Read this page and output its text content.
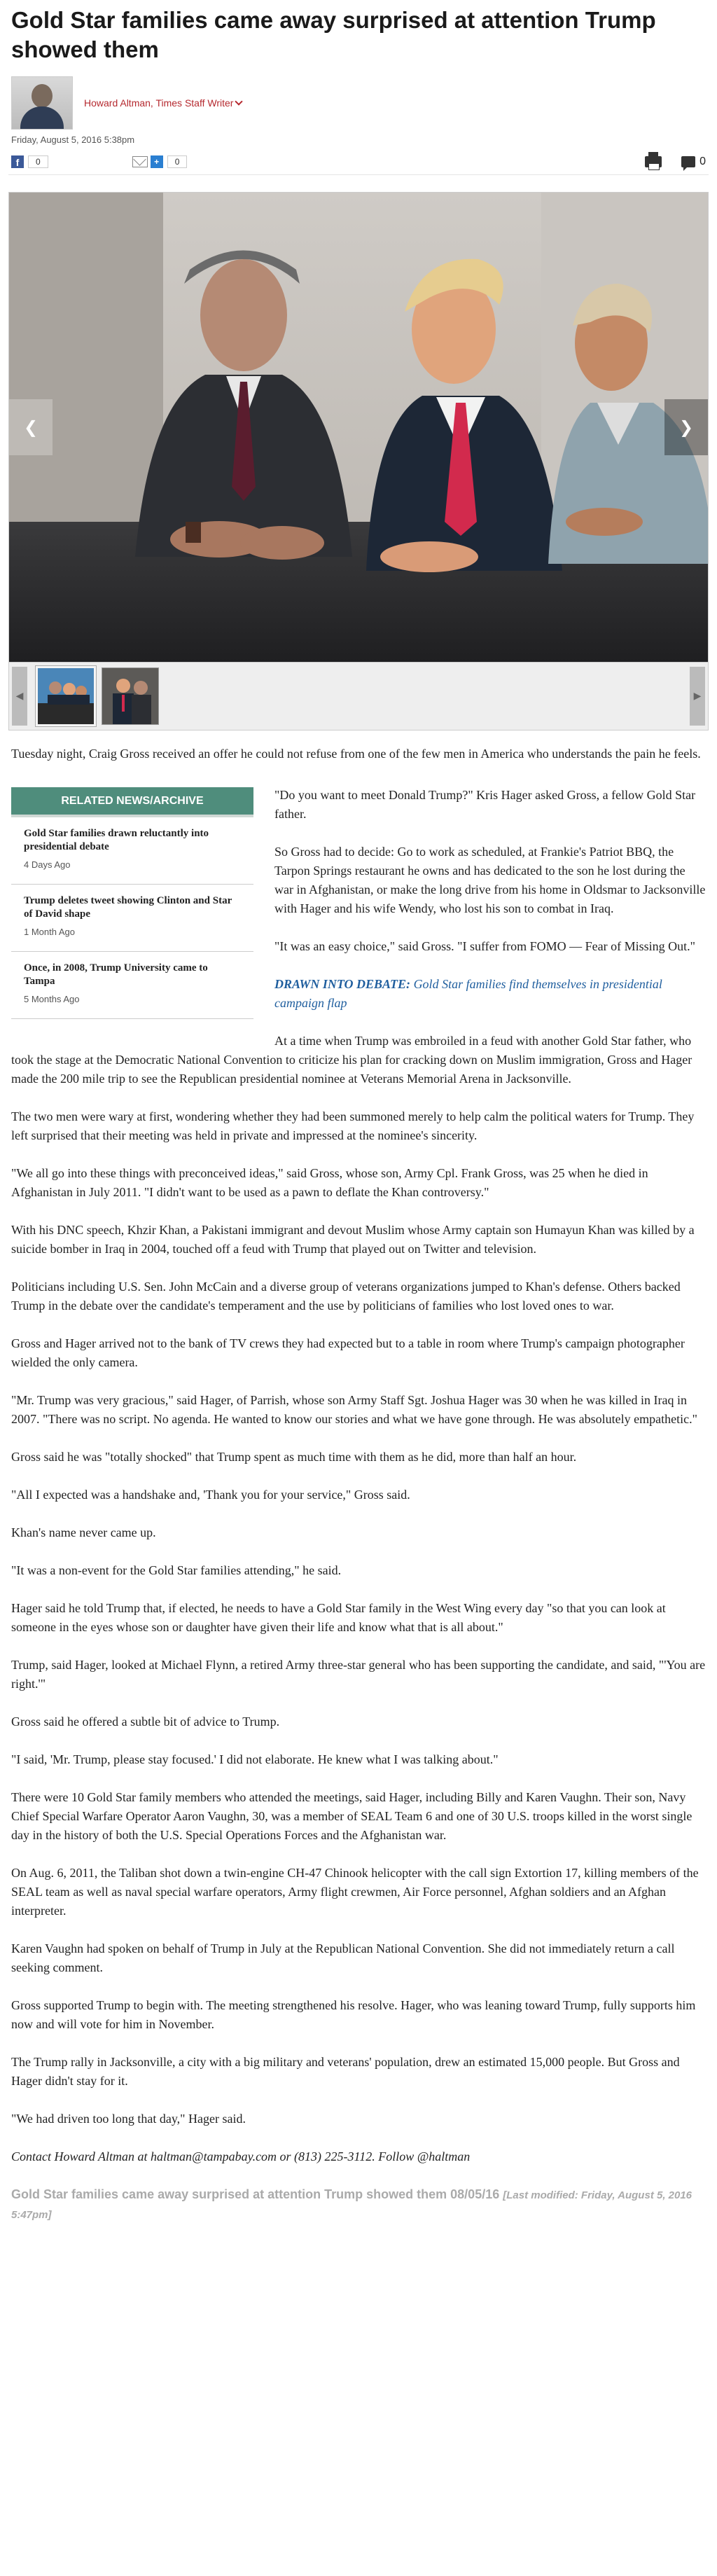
Gold Star families came away surprised at attention Trump showed them
Howard Altman, Times Staff Writer
Friday, August 5, 2016 5:38pm
f	0	+	0	0
❮	❯
◀	▶

Tuesday night, Craig Gross received an offer he could not refuse from one of the few men in America who understands the pain he feels.

RELATED NEWS/ARCHIVE
Gold Star families drawn reluctantly into presidential debate
4 Days Ago
Trump deletes tweet showing Clinton and Star of David shape
1 Month Ago
Once, in 2008, Trump University came to Tampa
5 Months Ago

"Do you want to meet Donald Trump?" Kris Hager asked Gross, a fellow Gold Star father.

So Gross had to decide: Go to work as scheduled, at Frankie's Patriot BBQ, the Tarpon Springs restaurant he owns and has dedicated to the son he lost during the war in Afghanistan, or make the long drive from his home in Oldsmar to Jacksonville with Hager and his wife Wendy, who lost his son to combat in Iraq.

"It was an easy choice," said Gross. "I suffer from FOMO — Fear of Missing Out."

DRAWN INTO DEBATE: Gold Star families find themselves in presidential campaign flap

At a time when Trump was embroiled in a feud with another Gold Star father, who took the stage at the Democratic National Convention to criticize his plan for cracking down on Muslim immigration, Gross and Hager made the 200 mile trip to see the Republican presidential nominee at Veterans Memorial Arena in Jacksonville.

The two men were wary at first, wondering whether they had been summoned merely to help calm the political waters for Trump. They left surprised that their meeting was held in private and impressed at the nominee's sincerity.

"We all go into these things with preconceived ideas," said Gross, whose son, Army Cpl. Frank Gross, was 25 when he died in Afghanistan in July 2011. "I didn't want to be used as a pawn to deflate the Khan controversy."

With his DNC speech, Khzir Khan, a Pakistani immigrant and devout Muslim whose Army captain son Humayun Khan was killed by a suicide bomber in Iraq in 2004, touched off a feud with Trump that played out on Twitter and television.

Politicians including U.S. Sen. John McCain and a diverse group of veterans organizations jumped to Khan's defense. Others backed Trump in the debate over the candidate's temperament and the use by politicians of families who lost loved ones to war.

Gross and Hager arrived not to the bank of TV crews they had expected but to a table in room where Trump's campaign photographer wielded the only camera.

"Mr. Trump was very gracious," said Hager, of Parrish, whose son Army Staff Sgt. Joshua Hager was 30 when he was killed in Iraq in 2007. "There was no script. No agenda. He wanted to know our stories and what we have gone through. He was absolutely empathetic."

Gross said he was "totally shocked" that Trump spent as much time with them as he did, more than half an hour.

"All I expected was a handshake and, 'Thank you for your service," Gross said.

Khan's name never came up.

"It was a non-event for the Gold Star families attending," he said.

Hager said he told Trump that, if elected, he needs to have a Gold Star family in the West Wing every day "so that you can look at someone in the eyes whose son or daughter have given their life and know what that is all about."

Trump, said Hager, looked at Michael Flynn, a retired Army three-star general who has been supporting the candidate, and said, "'You are right.'"

Gross said he offered a subtle bit of advice to Trump.

"I said, 'Mr. Trump, please stay focused.' I did not elaborate. He knew what I was talking about."

There were 10 Gold Star family members who attended the meetings, said Hager, including Billy and Karen Vaughn. Their son, Navy Chief Special Warfare Operator Aaron Vaughn, 30, was a member of SEAL Team 6 and one of 30 U.S. troops killed in the worst single day in the history of both the U.S. Special Operations Forces and the Afghanistan war.

On Aug. 6, 2011, the Taliban shot down a twin-engine CH-47 Chinook helicopter with the call sign Extortion 17, killing members of the SEAL team as well as naval special warfare operators, Army flight crewmen, Air Force personnel, Afghan soldiers and an Afghan interpreter.

Karen Vaughn had spoken on behalf of Trump in July at the Republican National Convention. She did not immediately return a call seeking comment.

Gross supported Trump to begin with. The meeting strengthened his resolve. Hager, who was leaning toward Trump, fully supports him now and will vote for him in November.

The Trump rally in Jacksonville, a city with a big military and veterans' population, drew an estimated 15,000 people. But Gross and Hager didn't stay for it.

"We had driven too long that day," Hager said.

Contact Howard Altman at haltman@tampabay.com or (813) 225-3112. Follow @haltman

Gold Star families came away surprised at attention Trump showed them 08/05/16 [Last modified: Friday, August 5, 2016 5:47pm]
